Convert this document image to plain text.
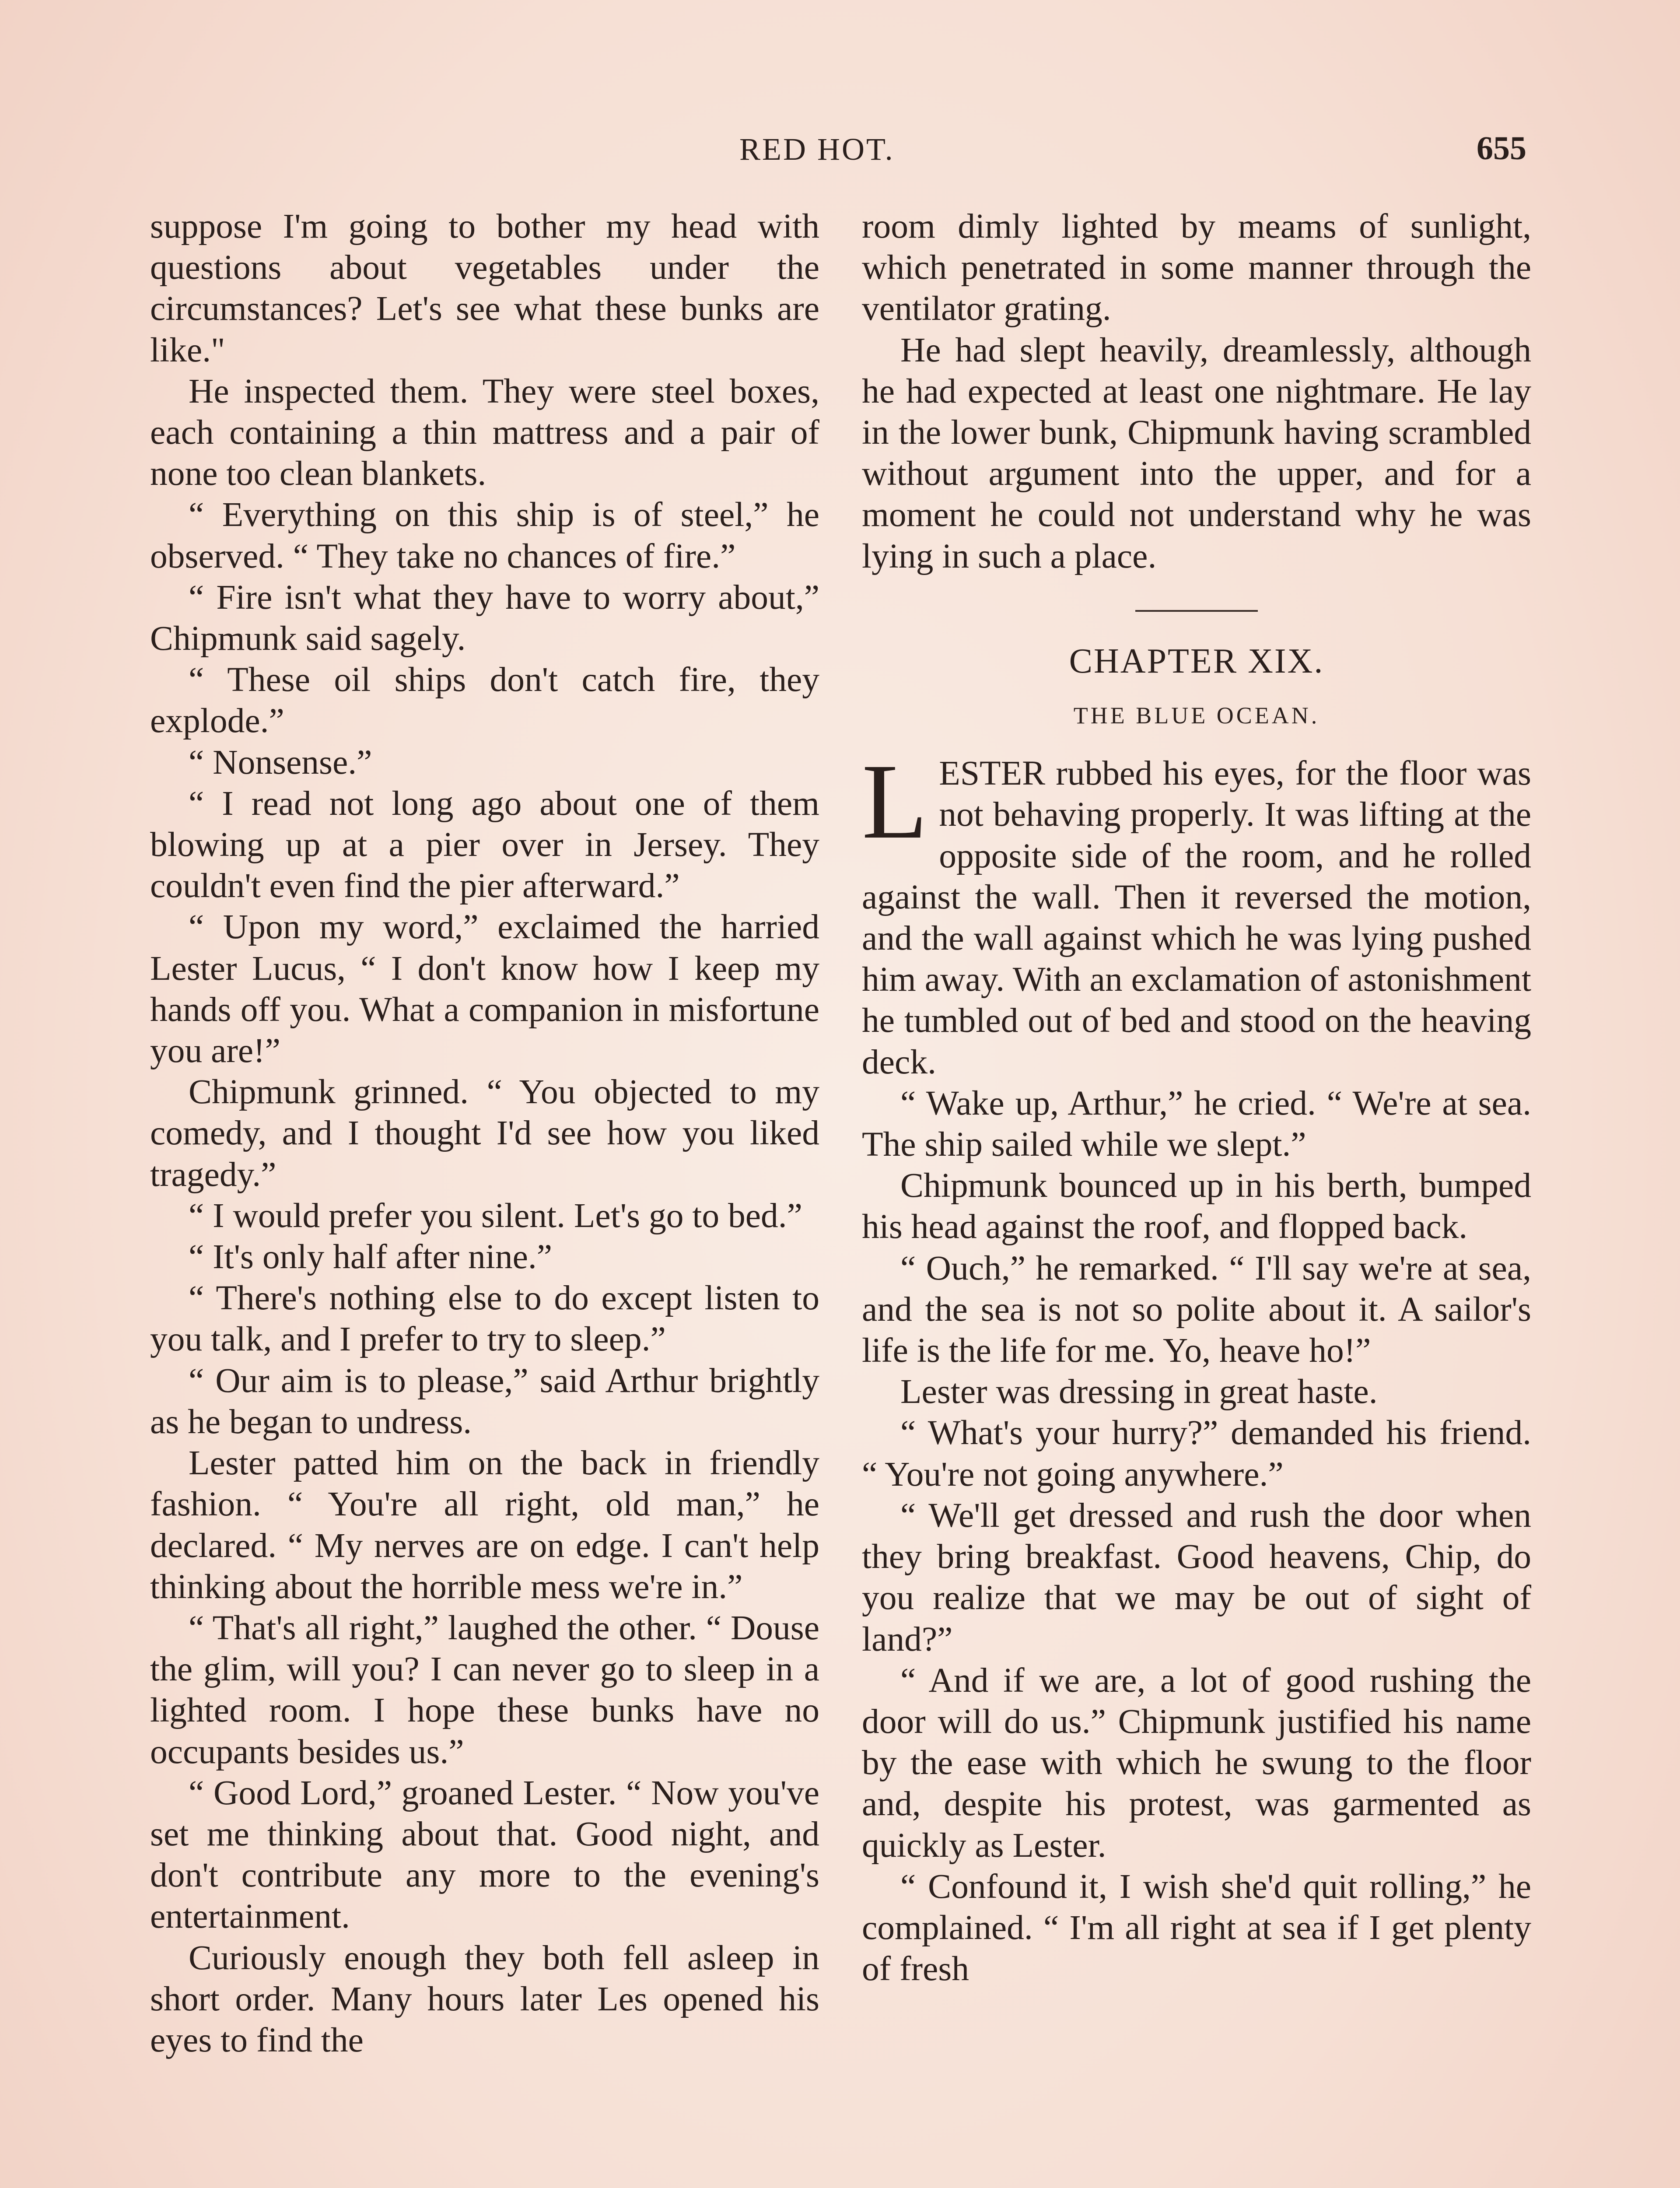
RED HOT.	655

suppose I'm going to bother my head with questions about vegetables under the circumstances? Let's see what these bunks are like."

He inspected them. They were steel boxes, each containing a thin mattress and a pair of none too clean blankets.

“ Everything on this ship is of steel,” he observed. “ They take no chances of fire.”

“ Fire isn't what they have to worry about,” Chipmunk said sagely.

“ These oil ships don't catch fire, they explode.”

“ Nonsense.”

“ I read not long ago about one of them blowing up at a pier over in Jersey. They couldn't even find the pier afterward.”

“ Upon my word,” exclaimed the harried Lester Lucus, “ I don't know how I keep my hands off you. What a companion in misfortune you are!”

Chipmunk grinned. “ You objected to my comedy, and I thought I'd see how you liked tragedy.”

“ I would prefer you silent. Let's go to bed.”

“ It's only half after nine.”

“ There's nothing else to do except listen to you talk, and I prefer to try to sleep.”

“ Our aim is to please,” said Arthur brightly as he began to undress.

Lester patted him on the back in friendly fashion. “ You're all right, old man,” he declared. “ My nerves are on edge. I can't help thinking about the horrible mess we're in.”

“ That's all right,” laughed the other. “ Douse the glim, will you? I can never go to sleep in a lighted room. I hope these bunks have no occupants besides us.”

“ Good Lord,” groaned Lester. “ Now you've set me thinking about that. Good night, and don't contribute any more to the evening's entertainment.

Curiously enough they both fell asleep in short order. Many hours later Les opened his eyes to find the

room dimly lighted by meams of sunlight, which penetrated in some manner through the ventilator grating.

He had slept heavily, dreamlessly, although he had expected at least one nightmare. He lay in the lower bunk, Chipmunk having scrambled without argument into the upper, and for a moment he could not understand why he was lying in such a place.

CHAPTER XIX.
THE BLUE OCEAN.

LESTER rubbed his eyes, for the floor was not behaving properly. It was lifting at the opposite side of the room, and he rolled against the wall. Then it reversed the motion, and the wall against which he was lying pushed him away. With an exclamation of astonishment he tumbled out of bed and stood on the heaving deck.

“ Wake up, Arthur,” he cried. “ We're at sea. The ship sailed while we slept.”

Chipmunk bounced up in his berth, bumped his head against the roof, and flopped back.

“ Ouch,” he remarked. “ I'll say we're at sea, and the sea is not so polite about it. A sailor's life is the life for me. Yo, heave ho!”

Lester was dressing in great haste.

“ What's your hurry?” demanded his friend. “ You're not going anywhere.”

“ We'll get dressed and rush the door when they bring breakfast. Good heavens, Chip, do you realize that we may be out of sight of land?”

“ And if we are, a lot of good rushing the door will do us.” Chipmunk justified his name by the ease with which he swung to the floor and, despite his protest, was garmented as quickly as Lester.

“ Confound it, I wish she'd quit rolling,” he complained. “ I'm all right at sea if I get plenty of fresh
